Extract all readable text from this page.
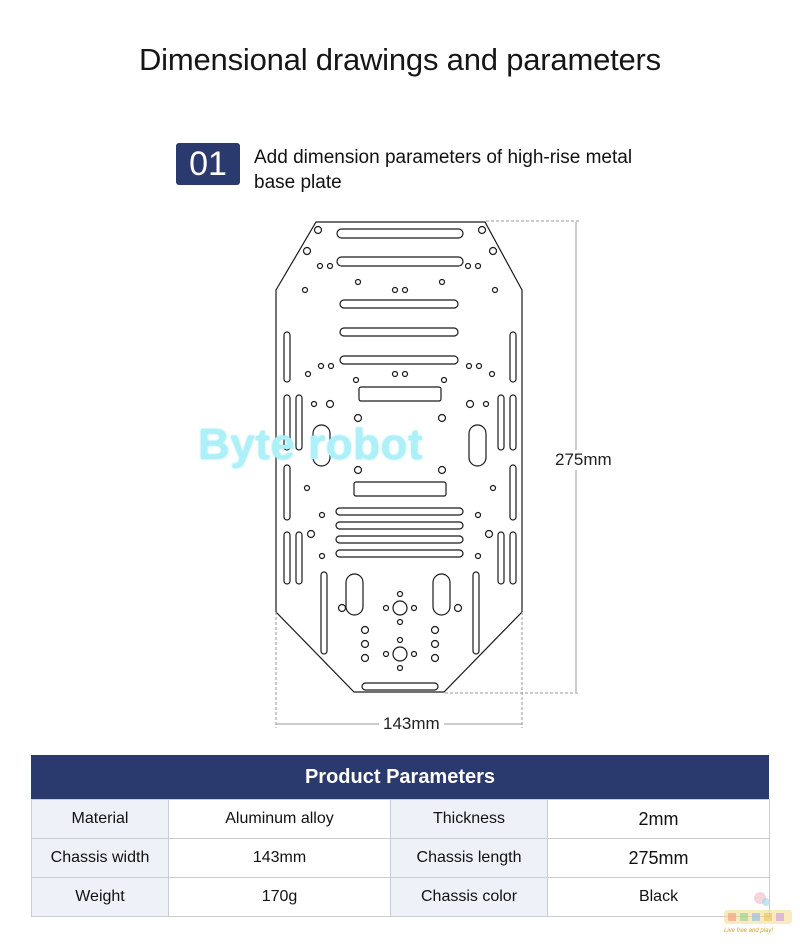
Dimensional drawings and parameters
01	Add dimension parameters of high-rise metal base plate
275mm
143mm
Byte robot
Product Parameters
Material	Aluminum alloy	Thickness	2mm
Chassis width	143mm	Chassis length	275mm
Weight	170g	Chassis color	Black
Live free and play!
